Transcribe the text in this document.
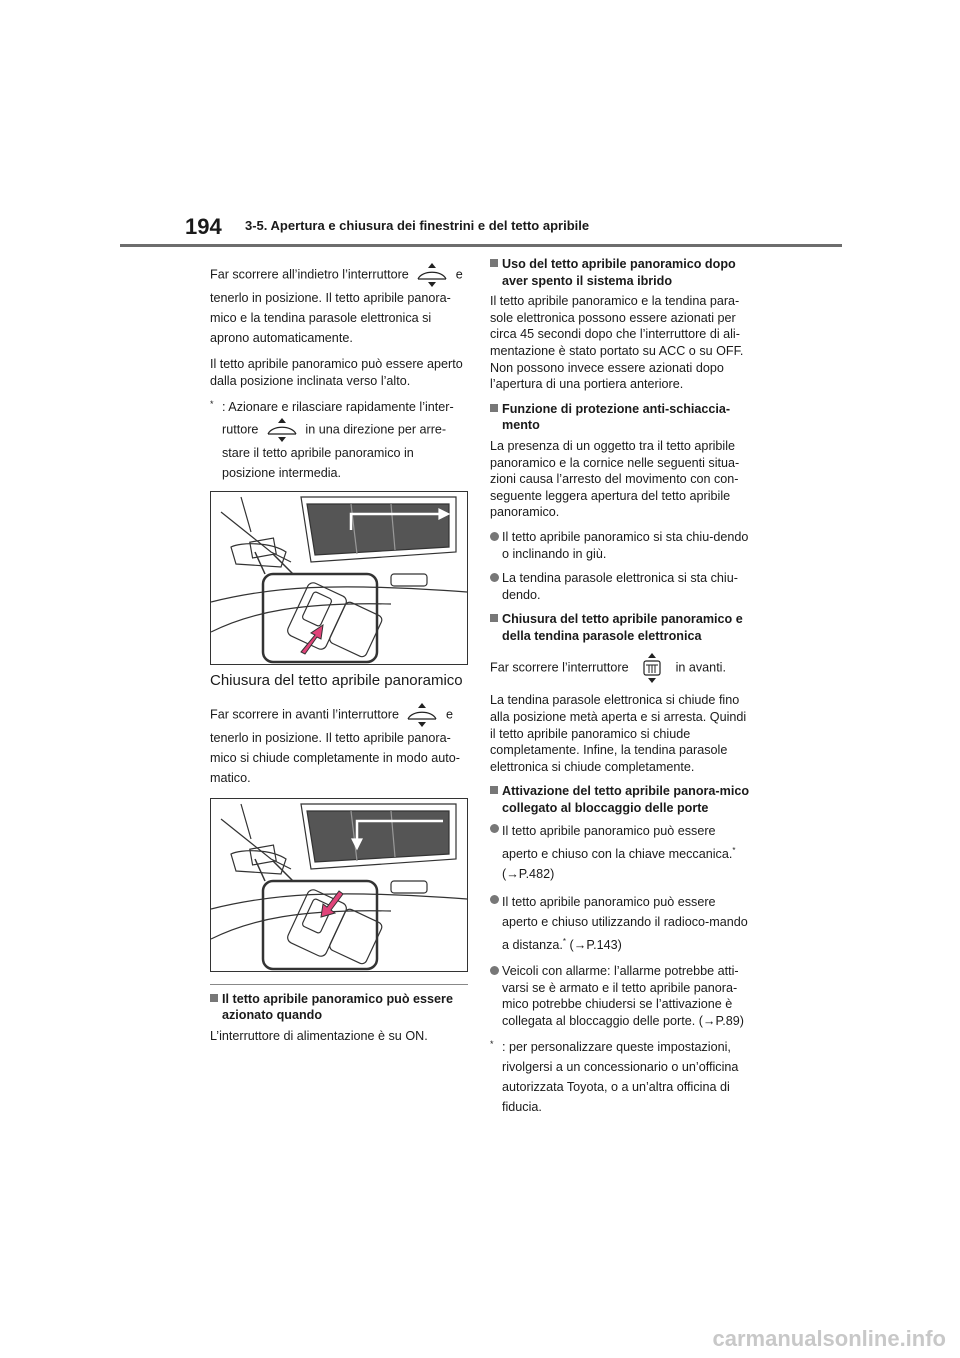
194 3-5. Apertura e chiusura dei finestrini e del tetto apribile

Far scorrere all’indietro l’interruttore	e tenerlo in posizione. Il tetto apribile panora-mico e la tendina parasole elettronica si aprono automaticamente.

Il tetto apribile panoramico può essere aperto dalla posizione inclinata verso l’alto.

* : Azionare e rilasciare rapidamente l’inter-ruttore	in una direzione per arre-stare il tetto apribile panoramico in posizione intermedia.

Chiusura del tetto apribile panoramico

Far scorrere in avanti l’interruttore	e tenerlo in posizione. Il tetto apribile panora-mico si chiude completamente in modo auto-matico.

Il tetto apribile panoramico può essere azionato quando

L’interruttore di alimentazione è su ON.

Uso del tetto apribile panoramico dopo aver spento il sistema ibrido

Il tetto apribile panoramico e la tendina para-sole elettronica possono essere azionati per circa 45 secondi dopo che l’interruttore di ali-mentazione è stato portato su ACC o su OFF. Non possono invece essere azionati dopo l’apertura di una portiera anteriore.

Funzione di protezione anti-schiaccia-mento

La presenza di un oggetto tra il tetto apribile panoramico e la cornice nelle seguenti situa-zioni causa l’arresto del movimento con con-seguente leggera apertura del tetto apribile panoramico.

Il tetto apribile panoramico si sta chiu-dendo o inclinando in giù.

La tendina parasole elettronica si sta chiu-dendo.

Chiusura del tetto apribile panoramico e della tendina parasole elettronica

Far scorrere l’interruttore	in avanti.

La tendina parasole elettronica si chiude fino alla posizione metà aperta e si arresta. Quindi il tetto apribile panoramico si chiude completamente. Infine, la tendina parasole elettronica si chiude completamente.

Attivazione del tetto apribile panora-mico collegato al bloccaggio delle porte

Il tetto apribile panoramico può essere aperto e chiuso con la chiave meccanica.*
(→P.482)

Il tetto apribile panoramico può essere aperto e chiuso utilizzando il radioco-mando a distanza.* (→P.143)

Veicoli con allarme: l’allarme potrebbe atti-varsi se è armato e il tetto apribile panora-mico potrebbe chiudersi se l’attivazione è collegata al bloccaggio delle porte. (→P.89)

* : per personalizzare queste impostazioni, rivolgersi a un concessionario o un’officina autorizzata Toyota, o a un’altra officina di fiducia.

carmanualsonline.info
